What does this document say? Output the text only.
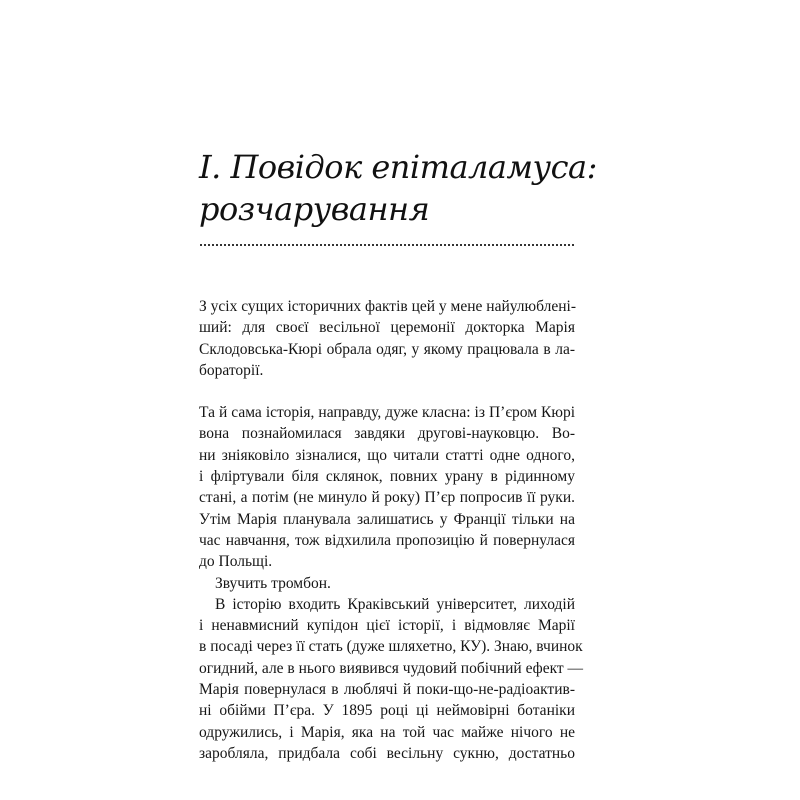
І. Повідок епіталамуса:
розчарування

З усіх сущих історичних фактів цей у мене найулюблені-
ший: для своєї весільної церемонії докторка Марія
Склодовська-Кюрі обрала одяг, у якому працювала в ла-
бораторії.

Та й сама історія, направду, дуже класна: із П’єром Кюрі
вона познайомилася завдяки другові-науковцю. Во-
ни зніяковіло зізналися, що читали статті одне одного,
і фліртували біля склянок, повних урану в рідинному
стані, а потім (не минуло й року) П’єр попросив її руки.
Утім Марія планувала залишатись у Франції тільки на
час навчання, тож відхилила пропозицію й повернулася
до Польщі.

Звучить тромбон.

В історію входить Краківський університет, лиходій
і ненавмисний купідон цієї історії, і відмовляє Марії
в посаді через її стать (дуже шляхетно, КУ). Знаю, вчинок
огидний, але в нього виявився чудовий побічний ефект —
Марія повернулася в люблячі й поки-що-не-радіоактив-
ні обійми П’єра. У 1895 році ці неймовірні ботаніки
одружились, і Марія, яка на той час майже нічого не
заробляла, придбала собі весільну сукню, достатньо
